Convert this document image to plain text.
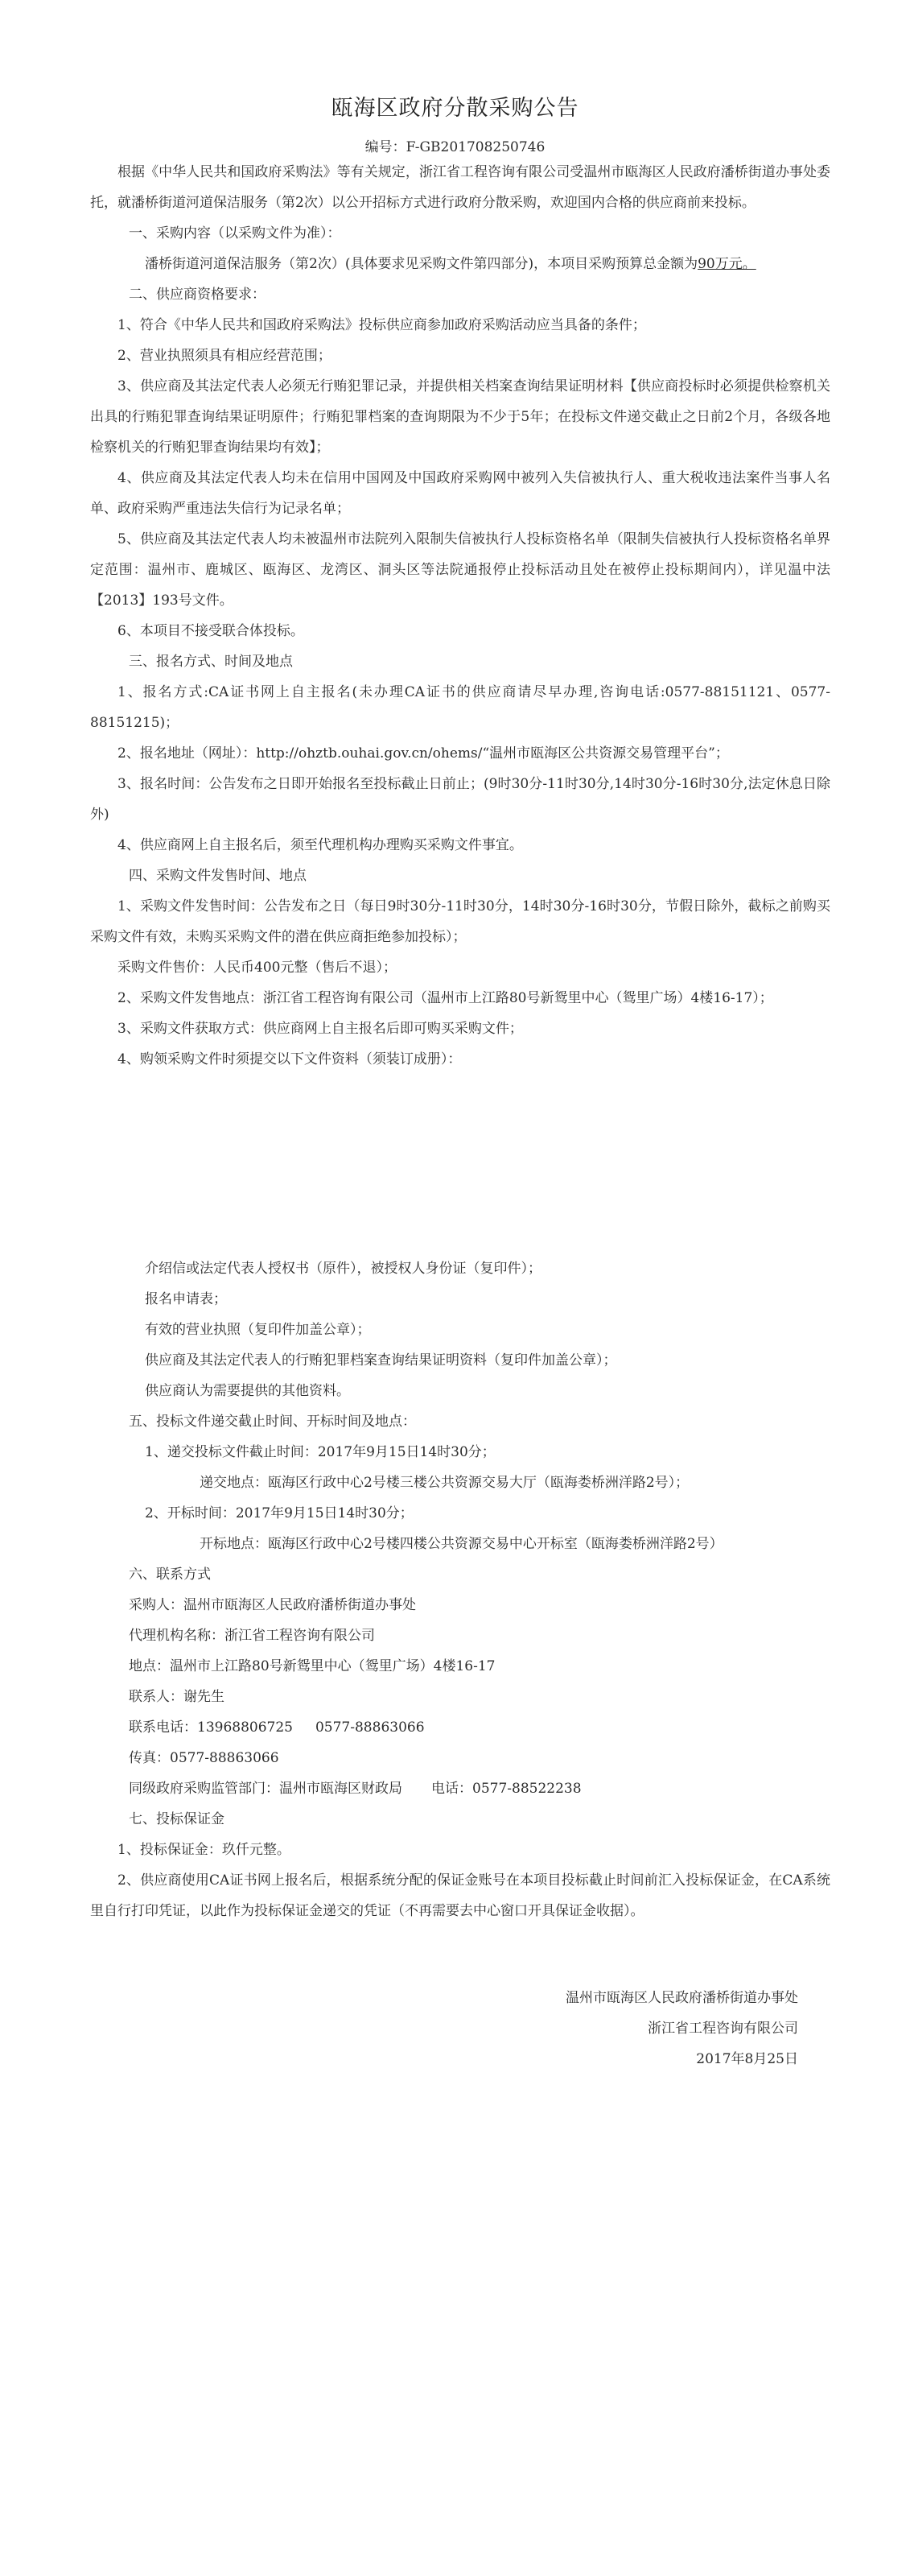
瓯海区政府分散采购公告
编号：F-GB201708250746

根据《中华人民共和国政府采购法》等有关规定，浙江省工程咨询有限公司受温州市瓯海区人民政府潘桥街道办事处委托，就潘桥街道河道保洁服务（第2次）以公开招标方式进行政府分散采购，欢迎国内合格的供应商前来投标。

一、采购内容（以采购文件为准）：

潘桥街道河道保洁服务（第2次）(具体要求见采购文件第四部分)，本项目采购预算总金额为90万元。

二、供应商资格要求：

1、符合《中华人民共和国政府采购法》投标供应商参加政府采购活动应当具备的条件；

2、营业执照须具有相应经营范围；

3、供应商及其法定代表人必须无行贿犯罪记录，并提供相关档案查询结果证明材料【供应商投标时必须提供检察机关出具的行贿犯罪查询结果证明原件；行贿犯罪档案的查询期限为不少于5年；在投标文件递交截止之日前2个月，各级各地检察机关的行贿犯罪查询结果均有效】；

4、供应商及其法定代表人均未在信用中国网及中国政府采购网中被列入失信被执行人、重大税收违法案件当事人名单、政府采购严重违法失信行为记录名单；

5、供应商及其法定代表人均未被温州市法院列入限制失信被执行人投标资格名单（限制失信被执行人投标资格名单界定范围：温州市、鹿城区、瓯海区、龙湾区、洞头区等法院通报停止投标活动且处在被停止投标期间内），详见温中法【2013】193号文件。

6、本项目不接受联合体投标。

三、报名方式、时间及地点

1、报名方式:CA证书网上自主报名(未办理CA证书的供应商请尽早办理,咨询电话:0577-88151121、0577-88151215)；

2、报名地址（网址）：http://ohztb.ouhai.gov.cn/ohems/“温州市瓯海区公共资源交易管理平台”；

3、报名时间：公告发布之日即开始报名至投标截止日前止；(9时30分-11时30分,14时30分-16时30分,法定休息日除外)

4、供应商网上自主报名后，须至代理机构办理购买采购文件事宜。

四、采购文件发售时间、地点

1、采购文件发售时间：公告发布之日（每日9时30分-11时30分，14时30分-16时30分，节假日除外，截标之前购买采购文件有效，未购买采购文件的潜在供应商拒绝参加投标）；

采购文件售价：人民币400元整（售后不退）；

2、采购文件发售地点：浙江省工程咨询有限公司（温州市上江路80号新鸳里中心（鸳里广场）4楼16-17）；

3、采购文件获取方式：供应商网上自主报名后即可购买采购文件；

4、购领采购文件时须提交以下文件资料（须装订成册）：

介绍信或法定代表人授权书（原件），被授权人身份证（复印件）；

报名申请表；

有效的营业执照（复印件加盖公章）；

供应商及其法定代表人的行贿犯罪档案查询结果证明资料（复印件加盖公章）；

供应商认为需要提供的其他资料。

五、投标文件递交截止时间、开标时间及地点：

1、递交投标文件截止时间：2017年9月15日14时30分；

递交地点：瓯海区行政中心2号楼三楼公共资源交易大厅（瓯海娄桥洲洋路2号）；

2、开标时间：2017年9月15日14时30分；

开标地点：瓯海区行政中心2号楼四楼公共资源交易中心开标室（瓯海娄桥洲洋路2号）

六、联系方式

采购人：温州市瓯海区人民政府潘桥街道办事处

代理机构名称：浙江省工程咨询有限公司

地点：温州市上江路80号新鸳里中心（鸳里广场）4楼16-17

联系人：谢先生

联系电话：13968806725 0577-88863066

传真：0577-88863066

同级政府采购监管部门：温州市瓯海区财政局 电话：0577-88522238

七、投标保证金

1、投标保证金：玖仟元整。

2、供应商使用CA证书网上报名后，根据系统分配的保证金账号在本项目投标截止时间前汇入投标保证金，在CA系统里自行打印凭证，以此作为投标保证金递交的凭证（不再需要去中心窗口开具保证金收据）。

温州市瓯海区人民政府潘桥街道办事处

浙江省工程咨询有限公司

2017年8月25日
